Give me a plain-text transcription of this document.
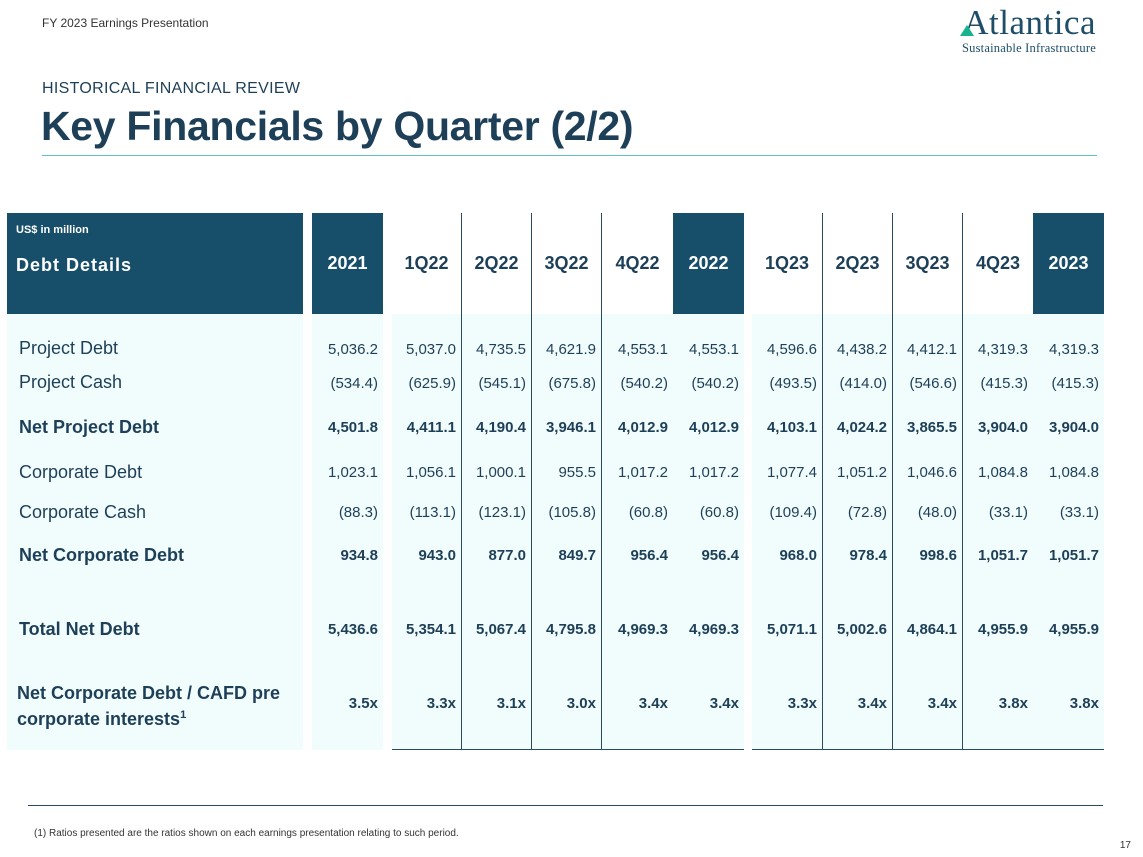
FY 2023 Earnings Presentation	Atlantica
Sustainable Infrastructure
HISTORICAL FINANCIAL REVIEW
Key Financials by Quarter (2/2)
US$ in million
Debt Details
Project Debt
Project Cash
Net Project Debt
Corporate Debt
Corporate Cash
Net Corporate Debt
Total Net Debt
Net Corporate Debt / CAFD pre
corporate interests$^1$
2021
5,036.2
(534.4)
4,501.8
1,023.1
(88.3)
934.8
5,436.6
3.5x
1Q22
5,037.0
(625.9)
4,411.1
1,056.1
(113.1)
943.0
5,354.1
3.3x
2Q22
4,735.5
(545.1)
4,190.4
1,000.1
(123.1)
877.0
5,067.4
3.1x
3Q22
4,621.9
(675.8)
3,946.1
955.5
(105.8)
849.7
4,795.8
3.0x
4Q22
4,553.1
(540.2)
4,012.9
1,017.2
(60.8)
956.4
4,969.3
3.4x
2022
4,553.1
(540.2)
4,012.9
1,017.2
(60.8)
956.4
4,969.3
3.4x
1Q23
4,596.6
(493.5)
4,103.1
1,077.4
(109.4)
968.0
5,071.1
3.3x
2Q23
4,438.2
(414.0)
4,024.2
1,051.2
(72.8)
978.4
5,002.6
3.4x
3Q23
4,412.1
(546.6)
3,865.5
1,046.6
(48.0)
998.6
4,864.1
3.4x
4Q23
4,319.3
(415.3)
3,904.0
1,084.8
(33.1)
1,051.7
4,955.9
3.8x
2023
4,319.3
(415.3)
3,904.0
1,084.8
(33.1)
1,051.7
4,955.9
3.8x
(1) Ratios presented are the ratios shown on each earnings presentation relating to such period.
17
